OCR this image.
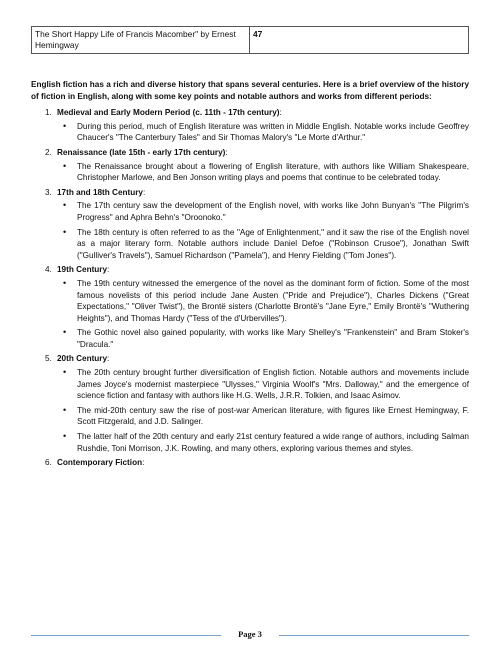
The Short Happy Life of Francis Macomber" by Ernest Hemingway	47

English fiction has a rich and diverse history that spans several centuries. Here is a brief overview of the history of fiction in English, along with some key points and notable authors and works from different periods:

1. Medieval and Early Modern Period (c. 11th - 17th century):
•	During this period, much of English literature was written in Middle English. Notable works include Geoffrey Chaucer's "The Canterbury Tales" and Sir Thomas Malory's "Le Morte d'Arthur."
2. Renaissance (late 15th - early 17th century):
•	The Renaissance brought about a flowering of English literature, with authors like William Shakespeare, Christopher Marlowe, and Ben Jonson writing plays and poems that continue to be celebrated today.
3. 17th and 18th Century:
•	The 17th century saw the development of the English novel, with works like John Bunyan's "The Pilgrim's Progress" and Aphra Behn's "Oroonoko."
•	The 18th century is often referred to as the "Age of Enlightenment," and it saw the rise of the English novel as a major literary form. Notable authors include Daniel Defoe ("Robinson Crusoe"), Jonathan Swift ("Gulliver's Travels"), Samuel Richardson ("Pamela"), and Henry Fielding ("Tom Jones").
4. 19th Century:
•	The 19th century witnessed the emergence of the novel as the dominant form of fiction. Some of the most famous novelists of this period include Jane Austen ("Pride and Prejudice"), Charles Dickens ("Great Expectations," "Oliver Twist"), the Brontë sisters (Charlotte Brontë's "Jane Eyre," Emily Brontë's "Wuthering Heights"), and Thomas Hardy ("Tess of the d'Urbervilles").
•	The Gothic novel also gained popularity, with works like Mary Shelley's "Frankenstein" and Bram Stoker's "Dracula."
5. 20th Century:
•	The 20th century brought further diversification of English fiction. Notable authors and movements include James Joyce's modernist masterpiece "Ulysses," Virginia Woolf's "Mrs. Dalloway," and the emergence of science fiction and fantasy with authors like H.G. Wells, J.R.R. Tolkien, and Isaac Asimov.
•	The mid-20th century saw the rise of post-war American literature, with figures like Ernest Hemingway, F. Scott Fitzgerald, and J.D. Salinger.
•	The latter half of the 20th century and early 21st century featured a wide range of authors, including Salman Rushdie, Toni Morrison, J.K. Rowling, and many others, exploring various themes and styles.
6. Contemporary Fiction:
Page 3
